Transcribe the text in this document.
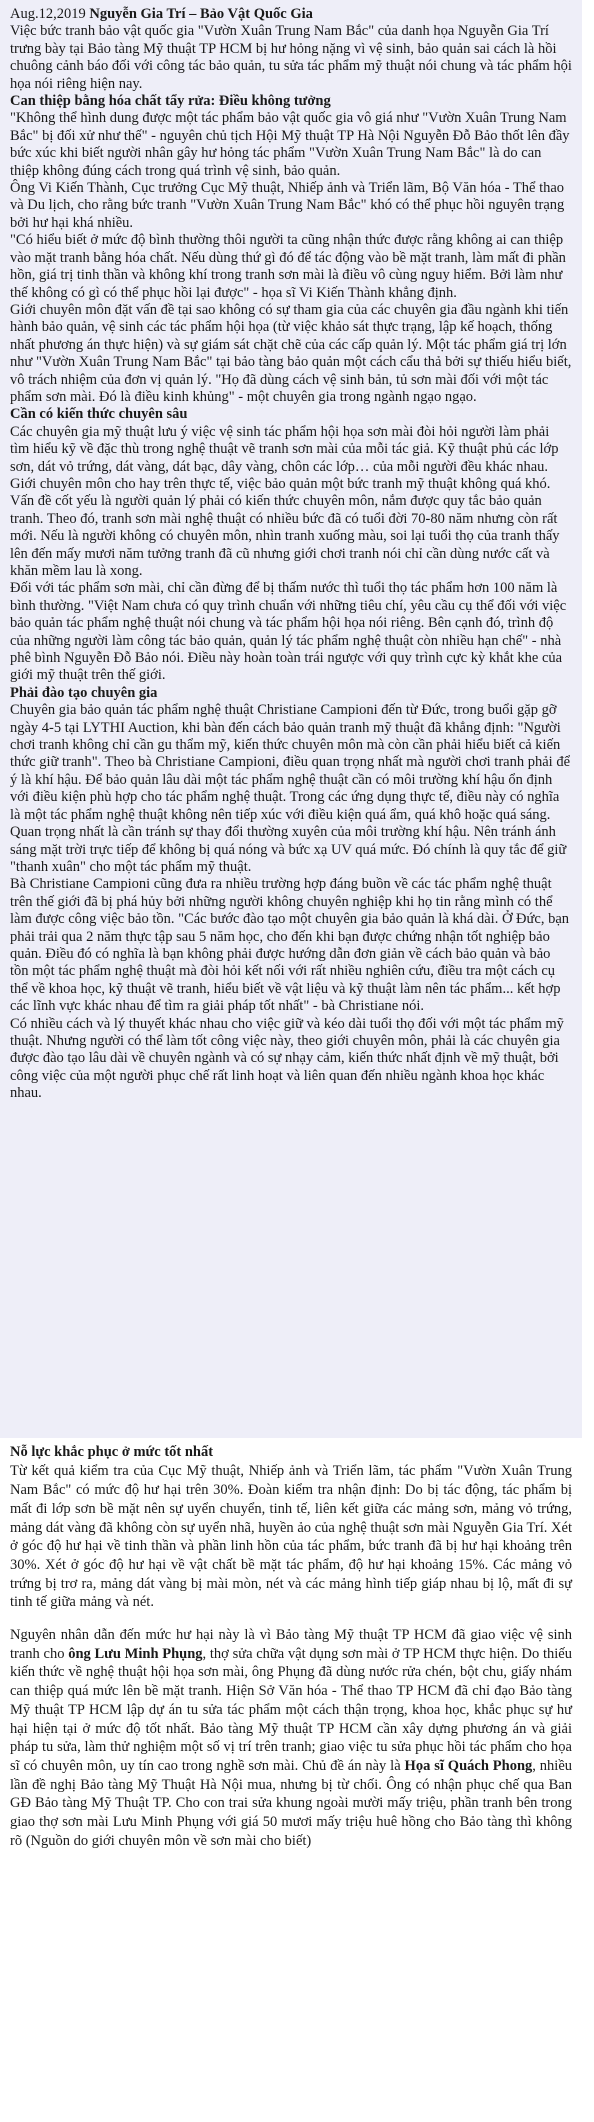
Aug.12,2019 Nguyễn Gia Trí – Bảo Vật Quốc Gia

Việc bức tranh bảo vật quốc gia "Vườn Xuân Trung Nam Bắc" của danh họa Nguyễn Gia Trí trưng bày tại Bảo tàng Mỹ thuật TP HCM bị hư hỏng nặng vì vệ sinh, bảo quản sai cách là hồi chuông cảnh báo đối với công tác bảo quản, tu sửa tác phẩm mỹ thuật nói chung và tác phẩm hội họa nói riêng hiện nay.

Can thiệp bằng hóa chất tẩy rửa: Điều không tưởng

"Không thể hình dung được một tác phẩm bảo vật quốc gia vô giá như "Vườn Xuân Trung Nam Bắc" bị đối xử như thế" - nguyên chủ tịch Hội Mỹ thuật TP Hà Nội Nguyễn Đỗ Bảo thốt lên đầy bức xúc khi biết người nhân gây hư hỏng tác phẩm "Vườn Xuân Trung Nam Bắc" là do can thiệp không đúng cách trong quá trình vệ sinh, bảo quản.

Ông Vi Kiến Thành, Cục trưởng Cục Mỹ thuật, Nhiếp ảnh và Triển lãm, Bộ Văn hóa - Thể thao và Du lịch, cho rằng bức tranh "Vườn Xuân Trung Nam Bắc" khó có thể phục hồi nguyên trạng bởi hư hại khá nhiều.

"Có hiểu biết ở mức độ bình thường thôi người ta cũng nhận thức được rằng không ai can thiệp vào mặt tranh bằng hóa chất. Nếu dùng thứ gì đó để tác động vào bề mặt tranh, làm mất đi phần hồn, giá trị tinh thần và không khí trong tranh sơn mài là điều vô cùng nguy hiểm. Bởi làm như thế không có gì có thể phục hồi lại được" - họa sĩ Vi Kiến Thành khẳng định.

Giới chuyên môn đặt vấn đề tại sao không có sự tham gia của các chuyên gia đầu ngành khi tiến hành bảo quản, vệ sinh các tác phẩm hội họa (từ việc khảo sát thực trạng, lập kế hoạch, thống nhất phương án thực hiện) và sự giám sát chặt chẽ của các cấp quản lý. Một tác phẩm giá trị lớn như "Vườn Xuân Trung Nam Bắc" tại bảo tàng bảo quản một cách cẩu thả bởi sự thiếu hiểu biết, vô trách nhiệm của đơn vị quản lý. "Họ đã dùng cách vệ sinh bản, tủ sơn mài đối với một tác phẩm sơn mài. Đó là điều kinh khủng" - một chuyên gia trong ngành ngạo ngạo.

Cần có kiến thức chuyên sâu

Các chuyên gia mỹ thuật lưu ý việc vệ sinh tác phẩm hội họa sơn mài đòi hỏi người làm phải tìm hiểu kỹ về đặc thù trong nghệ thuật vẽ tranh sơn mài của mỗi tác giả. Kỹ thuật phủ các lớp sơn, dát vỏ trứng, dát vàng, dát bạc, dây vàng, chôn các lớp… của mỗi người đều khác nhau.

Giới chuyên môn cho hay trên thực tế, việc bảo quản một bức tranh mỹ thuật không quá khó. Vấn đề cốt yếu là người quản lý phải có kiến thức chuyên môn, nắm được quy tắc bảo quản tranh. Theo đó, tranh sơn mài nghệ thuật có nhiều bức đã có tuổi đời 70-80 năm nhưng còn rất mới. Nếu là người không có chuyên môn, nhìn tranh xuống màu, soi lại tuổi thọ của tranh thấy lên đến mấy mươi năm tưởng tranh đã cũ nhưng giới chơi tranh nói chỉ cần dùng nước cất và khăn mềm lau là xong.

Đối với tác phẩm sơn mài, chỉ cần đừng để bị thấm nước thì tuổi thọ tác phẩm hơn 100 năm là bình thường. "Việt Nam chưa có quy trình chuẩn với những tiêu chí, yêu cầu cụ thể đối với việc bảo quản tác phẩm nghệ thuật nói chung và tác phẩm hội họa nói riêng. Bên cạnh đó, trình độ của những người làm công tác bảo quản, quản lý tác phẩm nghệ thuật còn nhiều hạn chế" - nhà phê bình Nguyễn Đỗ Bảo nói. Điều này hoàn toàn trái ngược với quy trình cực kỳ khắt khe của giới mỹ thuật trên thế giới.

Phải đào tạo chuyên gia

Chuyên gia bảo quản tác phẩm nghệ thuật Christiane Campioni đến từ Đức, trong buổi gặp gỡ ngày 4-5 tại LYTHI Auction, khi bàn đến cách bảo quản tranh mỹ thuật đã khẳng định: "Người chơi tranh không chỉ cần gu thẩm mỹ, kiến thức chuyên môn mà còn cần phải hiểu biết cả kiến thức giữ tranh". Theo bà Christiane Campioni, điều quan trọng nhất mà người chơi tranh phải để ý là khí hậu. Để bảo quản lâu dài một tác phẩm nghệ thuật cần có môi trường khí hậu ổn định với điều kiện phù hợp cho tác phẩm nghệ thuật. Trong các ứng dụng thực tế, điều này có nghĩa là một tác phẩm nghệ thuật không nên tiếp xúc với điều kiện quá ẩm, quá khô hoặc quá sáng. Quan trọng nhất là cần tránh sự thay đổi thường xuyên của môi trường khí hậu. Nên tránh ánh sáng mặt trời trực tiếp để không bị quá nóng và bức xạ UV quá mức. Đó chính là quy tắc để giữ "thanh xuân" cho một tác phẩm mỹ thuật.

Bà Christiane Campioni cũng đưa ra nhiều trường hợp đáng buồn về các tác phẩm nghệ thuật trên thế giới đã bị phá hủy bởi những người không chuyên nghiệp khi họ tin rằng mình có thể làm được công việc bảo tồn. "Các bước đào tạo một chuyên gia bảo quản là khá dài. Ở Đức, bạn phải trải qua 2 năm thực tập sau 5 năm học, cho đến khi bạn được chứng nhận tốt nghiệp bảo quản. Điều đó có nghĩa là bạn không phải được hướng dẫn đơn giản về cách bảo quản và bảo tồn một tác phẩm nghệ thuật mà đòi hỏi kết nối với rất nhiều nghiên cứu, điều tra một cách cụ thể về khoa học, kỹ thuật vẽ tranh, hiểu biết về vật liệu và kỹ thuật làm nên tác phẩm... kết hợp các lĩnh vực khác nhau để tìm ra giải pháp tốt nhất" - bà Christiane nói.

Có nhiều cách và lý thuyết khác nhau cho việc giữ và kéo dài tuổi thọ đối với một tác phẩm mỹ thuật. Nhưng người có thể làm tốt công việc này, theo giới chuyên môn, phải là các chuyên gia được đào tạo lâu dài về chuyên ngành và có sự nhạy cảm, kiến thức nhất định về mỹ thuật, bởi công việc của một người phục chế rất linh hoạt và liên quan đến nhiều ngành khoa học khác nhau.

Nỗ lực khắc phục ở mức tốt nhất

Từ kết quả kiểm tra của Cục Mỹ thuật, Nhiếp ảnh và Triển lãm, tác phẩm "Vườn Xuân Trung Nam Bắc" có mức độ hư hại trên 30%. Đoàn kiểm tra nhận định: Do bị tác động, tác phẩm bị mất đi lớp sơn bề mặt nên sự uyển chuyển, tinh tế, liên kết giữa các mảng sơn, mảng vỏ trứng, mảng dát vàng đã không còn sự uyển nhã, huyền ảo của nghệ thuật sơn mài Nguyễn Gia Trí. Xét ở góc độ hư hại về tinh thần và phần linh hồn của tác phẩm, bức tranh đã bị hư hại khoảng trên 30%. Xét ở góc độ hư hại về vật chất bề mặt tác phẩm, độ hư hại khoảng 15%. Các mảng vỏ trứng bị trơ ra, mảng dát vàng bị mài mòn, nét và các mảng hình tiếp giáp nhau bị lộ, mất đi sự tinh tế giữa mảng và nét.

Nguyên nhân dẫn đến mức hư hại này là vì Bảo tàng Mỹ thuật TP HCM đã giao việc vệ sinh tranh cho ông Lưu Minh Phụng, thợ sửa chữa vật dụng sơn mài ở TP HCM thực hiện. Do thiếu kiến thức về nghệ thuật hội họa sơn mài, ông Phụng đã dùng nước rửa chén, bột chu, giấy nhám can thiệp quá mức lên bề mặt tranh. Hiện Sở Văn hóa - Thể thao TP HCM đã chỉ đạo Bảo tàng Mỹ thuật TP HCM lập dự án tu sửa tác phẩm một cách thận trọng, khoa học, khắc phục sự hư hại hiện tại ở mức độ tốt nhất. Bảo tàng Mỹ thuật TP HCM cần xây dựng phương án và giải pháp tu sửa, làm thử nghiệm một số vị trí trên tranh; giao việc tu sửa phục hồi tác phẩm cho họa sĩ có chuyên môn, uy tín cao trong nghề sơn mài. Chủ đề án này là Họa sĩ Quách Phong, nhiều lần đề nghị Bảo tàng Mỹ Thuật Hà Nội mua, nhưng bị từ chối. Ông có nhận phục chế qua Ban GĐ Bảo tàng Mỹ Thuật TP. Cho con trai sửa khung ngoài mười mấy triệu, phần tranh bên trong giao thợ sơn mài Lưu Minh Phụng với giá 50 mươi mấy triệu huê hồng cho Bảo tàng thì không rõ (Nguồn do giới chuyên môn về sơn mài cho biết)
